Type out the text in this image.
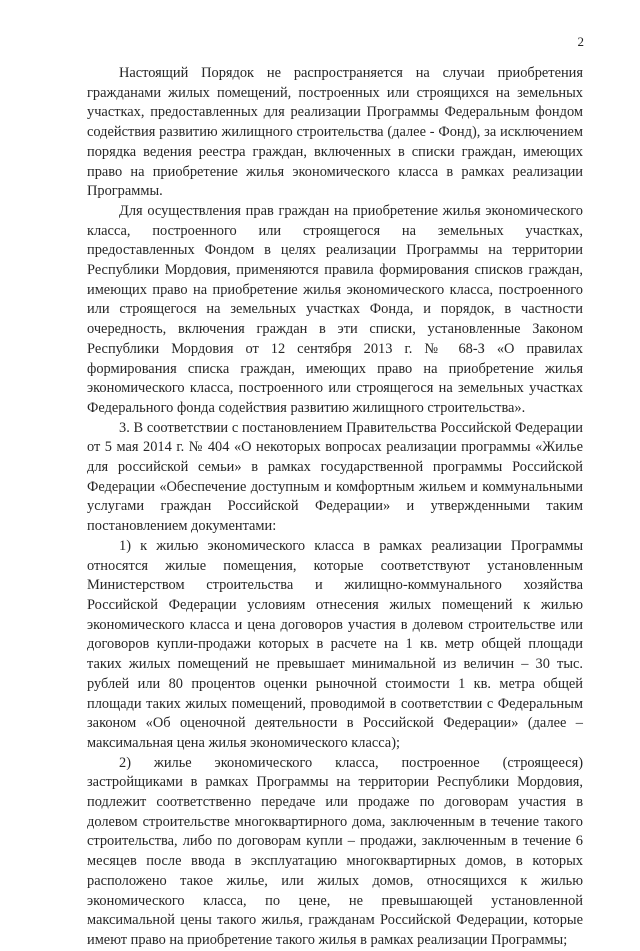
2

Настоящий Порядок не распространяется на случаи приобретения гражданами жилых помещений, построенных или строящихся на земельных участках, предоставленных для реализации Программы Федеральным фондом содействия развитию жилищного строительства (далее - Фонд), за исключением порядка ведения реестра граждан, включенных в списки граждан, имеющих право на приобретение жилья экономического класса в рамках реализации Программы.

Для осуществления прав граждан на приобретение жилья экономического класса, построенного или строящегося на земельных участках, предоставленных Фондом в целях реализации Программы на территории Республики Мордовия, применяются правила формирования списков граждан, имеющих право на приобретение жилья экономического класса, построенного или строящегося на земельных участках Фонда, и порядок, в частности очередность, включения граждан в эти списки, установленные Законом Республики Мордовия от 12 сентября 2013 г. № 68-З «О правилах формирования списка граждан, имеющих право на приобретение жилья экономического класса, построенного или строящегося на земельных участках Федерального фонда содействия развитию жилищного строительства».

3. В соответствии с постановлением Правительства Российской Федерации от 5 мая 2014 г. № 404 «О некоторых вопросах реализации программы «Жилье для российской семьи» в рамках государственной программы Российской Федерации «Обеспечение доступным и комфортным жильем и коммунальными услугами граждан Российской Федерации» и утвержденными таким постановлением документами:

1) к жилью экономического класса в рамках реализации Программы относятся жилые помещения, которые соответствуют установленным Министерством строительства и жилищно-коммунального хозяйства Российской Федерации условиям отнесения жилых помещений к жилью экономического класса и цена договоров участия в долевом строительстве или договоров купли-продажи которых в расчете на 1 кв. метр общей площади таких жилых помещений не превышает минимальной из величин – 30 тыс. рублей или 80 процентов оценки рыночной стоимости 1 кв. метра общей площади таких жилых помещений, проводимой в соответствии с Федеральным законом «Об оценочной деятельности в Российской Федерации» (далее – максимальная цена жилья экономического класса);

2) жилье экономического класса, построенное (строящееся) застройщиками в рамках Программы на территории Республики Мордовия, подлежит соответственно передаче или продаже по договорам участия в долевом строительстве многоквартирного дома, заключенным в течение такого строительства, либо по договорам купли – продажи, заключенным в течение 6 месяцев после ввода в эксплуатацию многоквартирных домов, в которых расположено такое жилье, или жилых домов, относящихся к жилью экономического класса, по цене, не превышающей установленной максимальной цены такого жилья, гражданам Российской Федерации, которые имеют право на приобретение такого жилья в рамках реализации Программы;
